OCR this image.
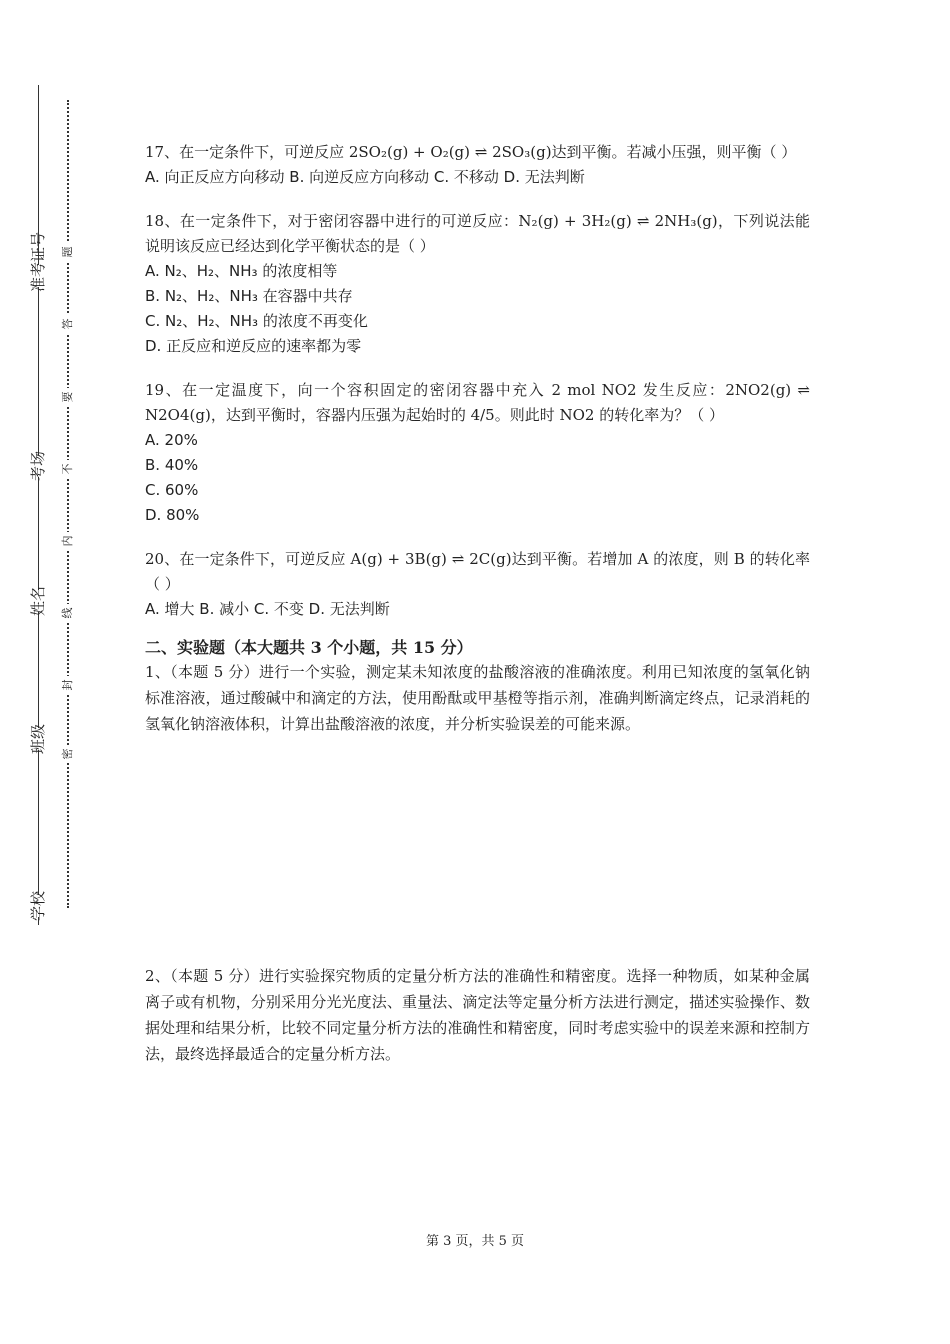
准考证号
考场
姓名
班级
学校
题
答
要
不
内
线
封
密

17、在一定条件下，可逆反应 2SO₂(g) + O₂(g) ⇌ 2SO₃(g)达到平衡。若减小压强，则平衡（ ）

A. 向正反应方向移动 B. 向逆反应方向移动 C. 不移动 D. 无法判断

18、在一定条件下，对于密闭容器中进行的可逆反应：N₂(g) + 3H₂(g) ⇌ 2NH₃(g)，下列说法能说明该反应已经达到化学平衡状态的是（ ）

A. N₂、H₂、NH₃ 的浓度相等

B. N₂、H₂、NH₃ 在容器中共存

C. N₂、H₂、NH₃ 的浓度不再变化

D. 正反应和逆反应的速率都为零

19、在一定温度下，向一个容积固定的密闭容器中充入 2 mol NO2 发生反应：2NO2(g) ⇌ N2O4(g)，达到平衡时，容器内压强为起始时的 4/5。则此时 NO2 的转化率为？（ ）

A. 20%

B. 40%

C. 60%

D. 80%

20、在一定条件下，可逆反应 A(g) + 3B(g) ⇌ 2C(g)达到平衡。若增加 A 的浓度，则 B 的转化率（ ）

A. 增大 B. 减小 C. 不变 D. 无法判断

二、实验题（本大题共 3 个小题，共 15 分）

1、（本题 5 分）进行一个实验，测定某未知浓度的盐酸溶液的准确浓度。利用已知浓度的氢氧化钠标准溶液，通过酸碱中和滴定的方法，使用酚酞或甲基橙等指示剂，准确判断滴定终点，记录消耗的氢氧化钠溶液体积，计算出盐酸溶液的浓度，并分析实验误差的可能来源。

2、（本题 5 分）进行实验探究物质的定量分析方法的准确性和精密度。选择一种物质，如某种金属离子或有机物，分别采用分光光度法、重量法、滴定法等定量分析方法进行测定，描述实验操作、数据处理和结果分析，比较不同定量分析方法的准确性和精密度，同时考虑实验中的误差来源和控制方法，最终选择最适合的定量分析方法。

第 3 页，共 5 页
